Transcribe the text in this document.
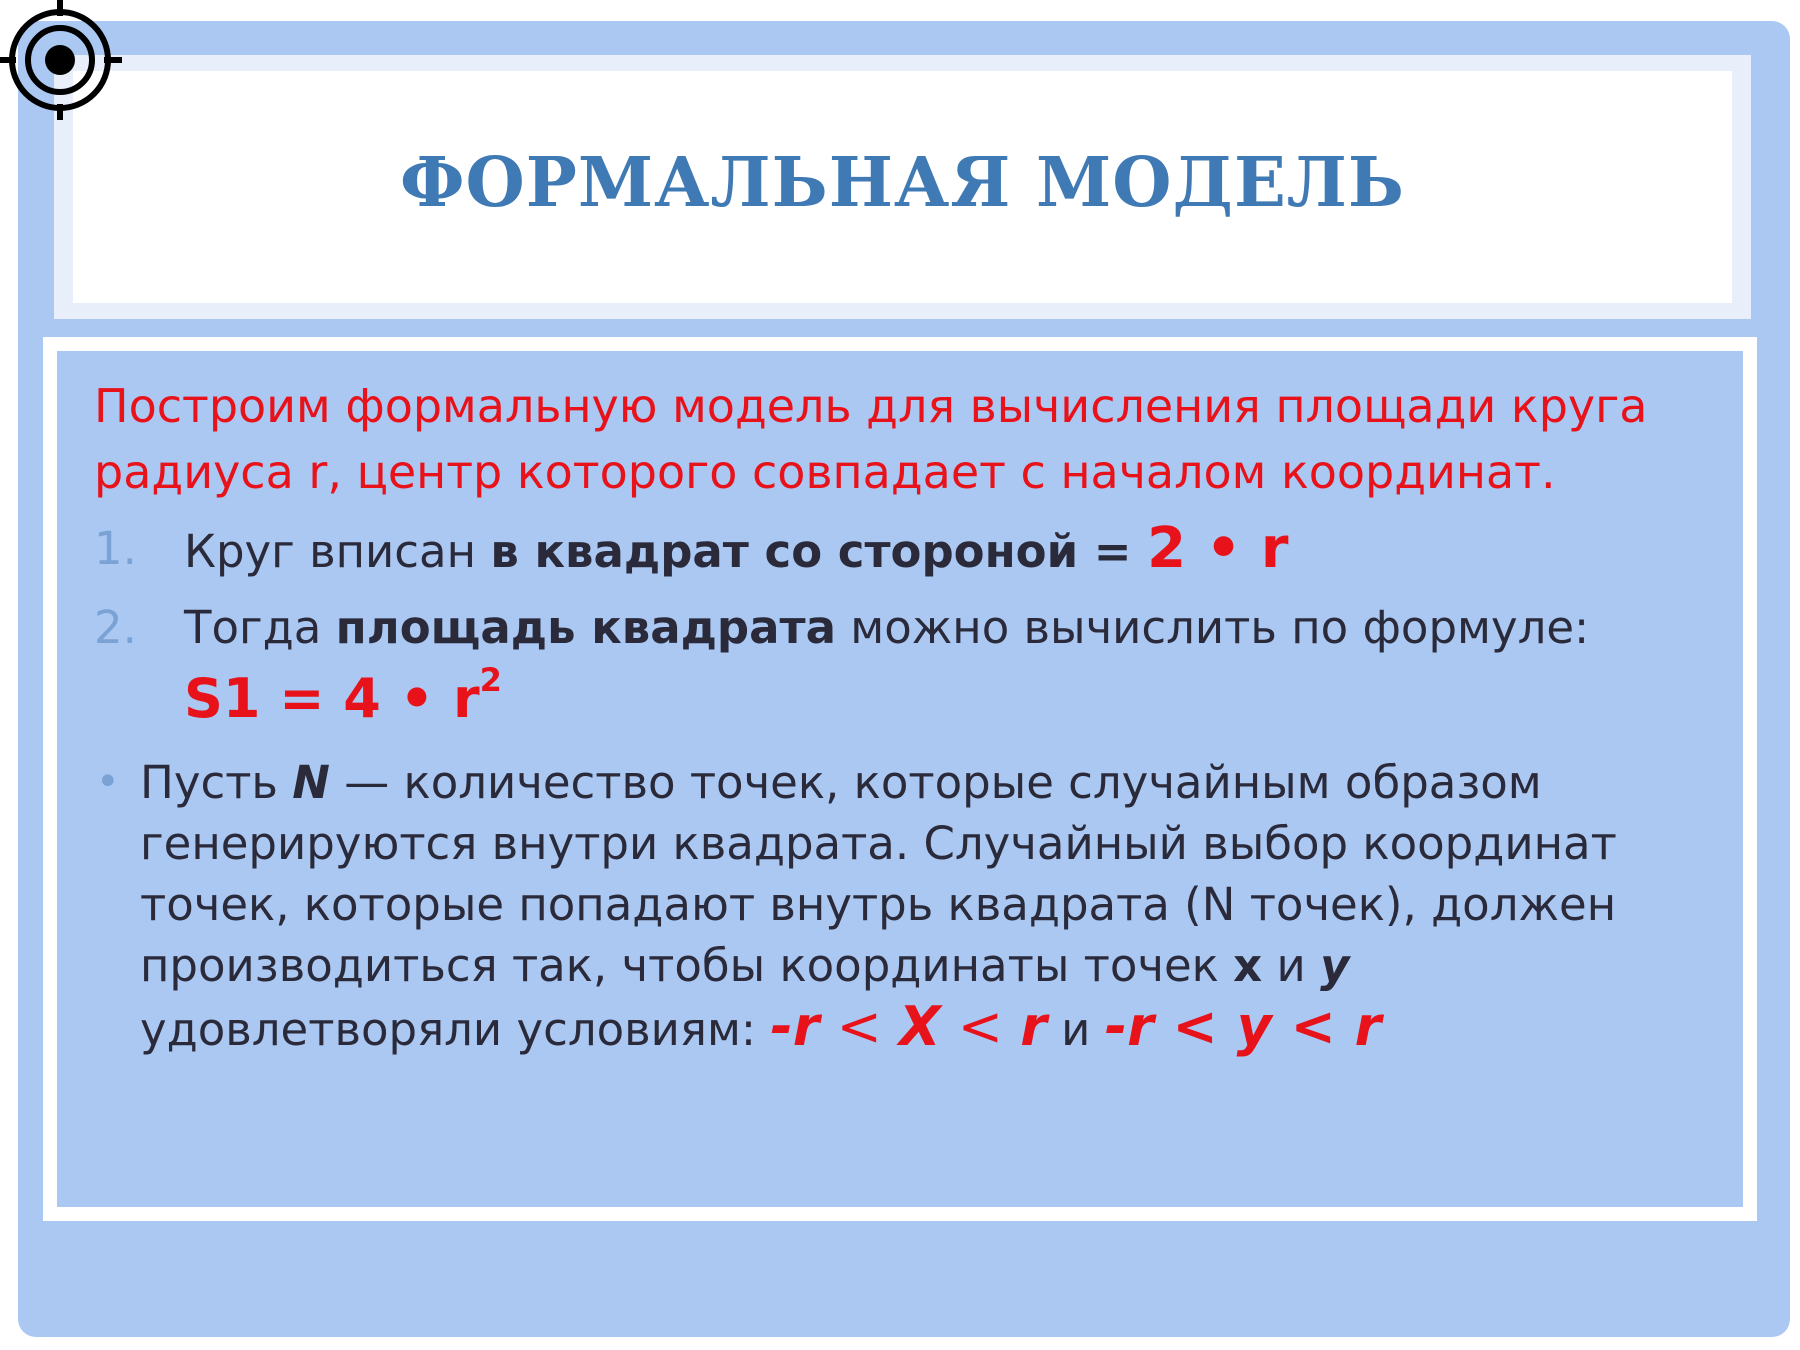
ФОРМАЛЬНАЯ МОДЕЛЬ

Построим формальную модель для вычисления площади круга радиуса r, центр которого совпадает с началом координат.

1. Круг вписан в квадрат со стороной = 2 • r
2. Тогда площадь квадрата можно вычислить по формуле:
S1 = 4 • $r^2$
• Пусть N — количество точек, которые случайным образом генерируются внутри квадрата. Случайный выбор координат точек, которые попадают внутрь квадрата (N точек), должен производиться так, чтобы координаты точек x и y удовлетворяли условиям: -r < X < r и -r < y < r
